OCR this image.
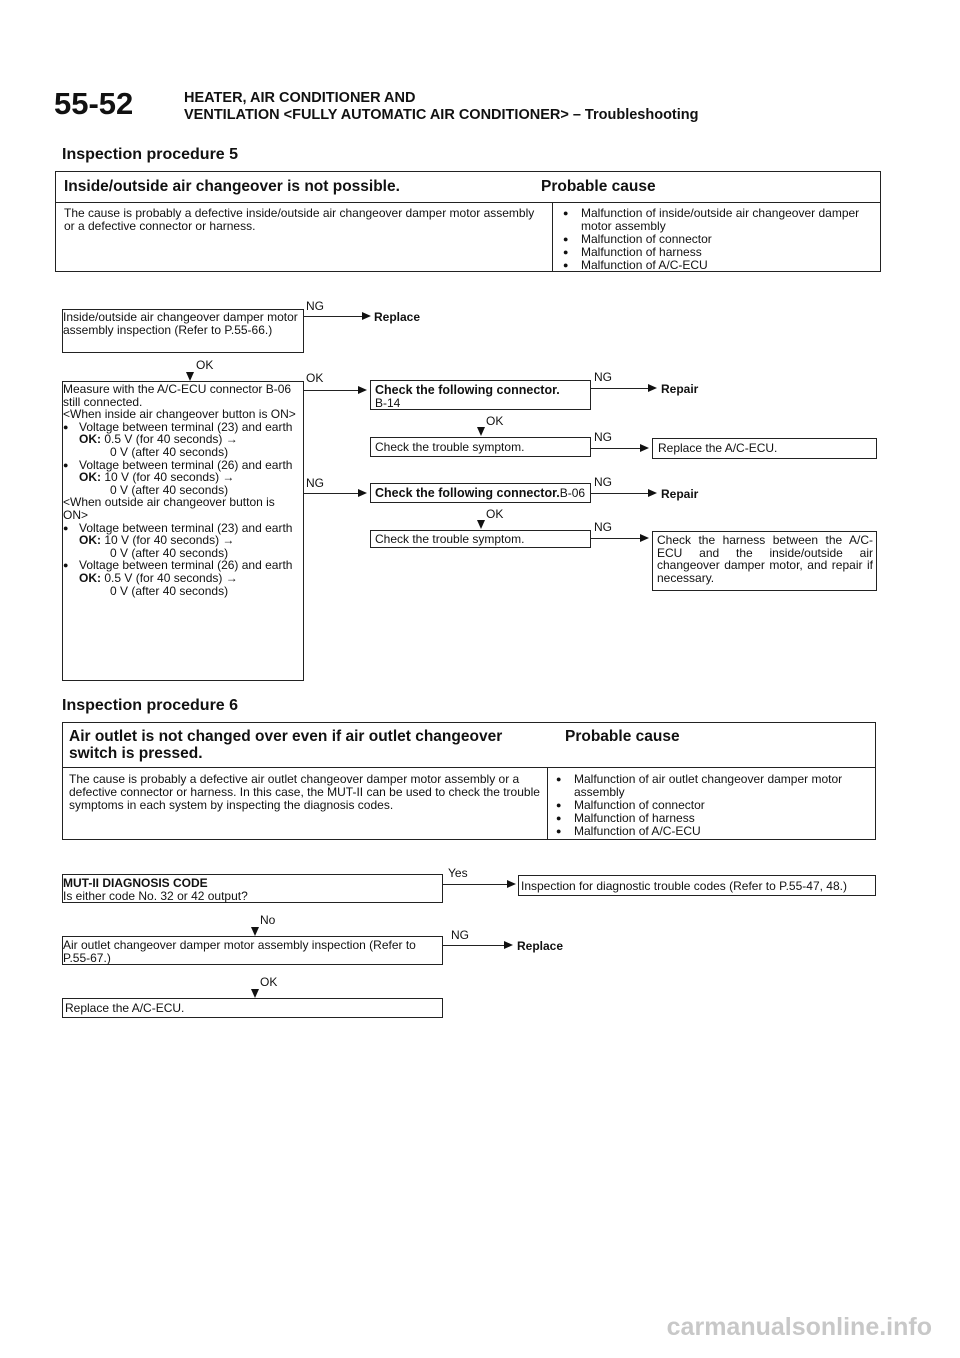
55-52	HEATER, AIR CONDITIONER AND
VENTILATION <FULLY AUTOMATIC AIR CONDITIONER> – Troubleshooting
Inspection procedure 5
Inside/outside air changeover is not possible.	Probable cause
The cause is probably a defective inside/outside air changeover damper motor assembly or a defective connector or harness.
● Malfunction of inside/outside air changeover damper motor assembly
● Malfunction of connector
● Malfunction of harness
● Malfunction of A/C-ECU
Inside/outside air changeover damper motor assembly inspection (Refer to P.55-66.)
NG
Replace
OK
Measure with the A/C-ECU connector B-06 still connected.
<When inside air changeover button is ON>
● Voltage between terminal (23) and earth
OK: 0.5 V (for 40 seconds) →
0 V (after 40 seconds)
● Voltage between terminal (26) and earth
OK: 10 V (for 40 seconds) →
0 V (after 40 seconds)
<When outside air changeover button is ON>
● Voltage between terminal (23) and earth
OK: 10 V (for 40 seconds) →
0 V (after 40 seconds)
● Voltage between terminal (26) and earth
OK: 0.5 V (for 40 seconds) →
0 V (after 40 seconds)
OK
NG
Check the following connector.
B-14
NG
Repair
OK
Check the trouble symptom.
NG
Replace the A/C-ECU.
Check the following connector.B-06
NG
Repair
OK
Check the trouble symptom.
NG
Check the harness between the A/C-ECU and the inside/outside air changeover damper motor, and repair if necessary.
Inspection procedure 6
Air outlet is not changed over even if air outlet changeover switch is pressed.
Probable cause
The cause is probably a defective air outlet changeover damper motor assembly or a defective connector or harness. In this case, the MUT-II can be used to check the trouble symptoms in each system by inspecting the diagnosis codes.
● Malfunction of air outlet changeover damper motor assembly
● Malfunction of connector
● Malfunction of harness
● Malfunction of A/C-ECU
MUT-II DIAGNOSIS CODE
Is either code No. 32 or 42 output?
Yes
Inspection for diagnostic trouble codes (Refer to P.55-47, 48.)
No
Air outlet changeover damper motor assembly inspection (Refer to P.55-67.)
NG
Replace
OK
Replace the A/C-ECU.
carmanualsonline.info
